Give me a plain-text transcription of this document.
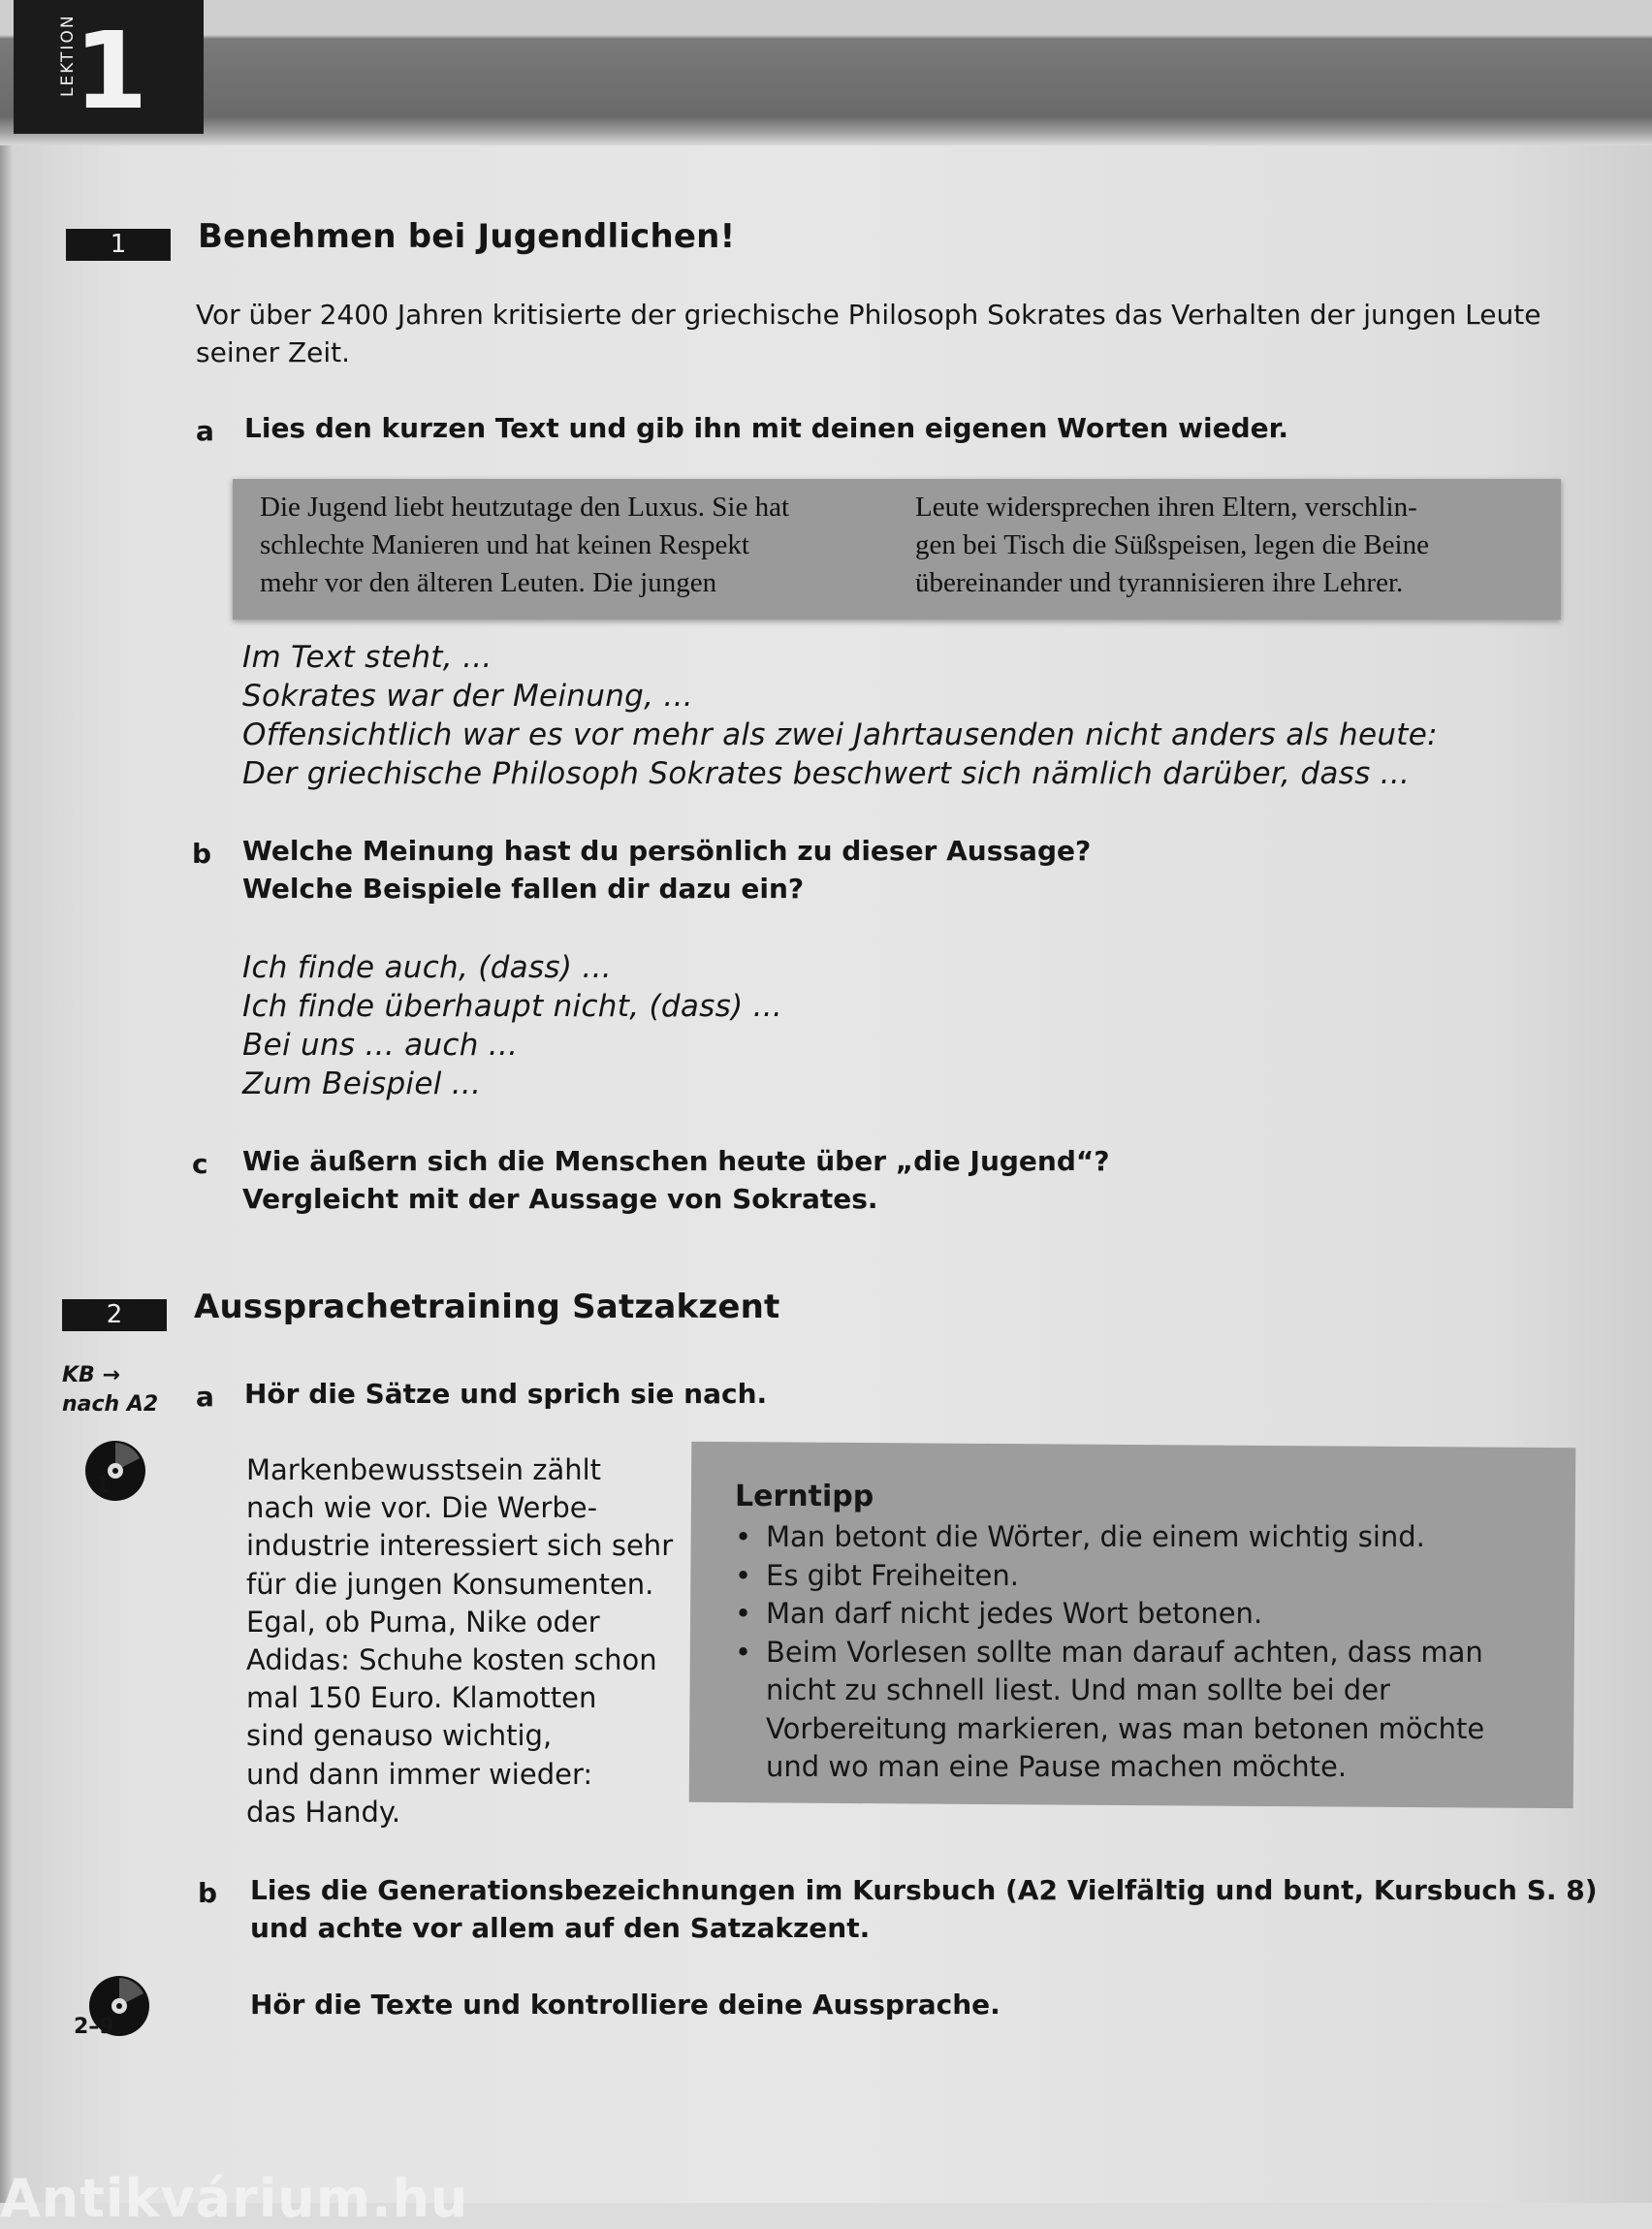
LEKTION
1
1	Benehmen bei Jugendlichen!
Vor über 2400 Jahren kritisierte der griechische Philosoph Sokrates das Verhalten der jungen Leute
seiner Zeit.
a Lies den kurzen Text und gib ihn mit deinen eigenen Worten wieder.
Die Jugend liebt heutzutage den Luxus. Sie hat
schlechte Manieren und hat keinen Respekt
mehr vor den älteren Leuten. Die jungen
Leute widersprechen ihren Eltern, verschlin-
gen bei Tisch die Süßspeisen, legen die Beine
übereinander und tyrannisieren ihre Lehrer.
Im Text steht, ...
Sokrates war der Meinung, ...
Offensichtlich war es vor mehr als zwei Jahrtausenden nicht anders als heute:
Der griechische Philosoph Sokrates beschwert sich nämlich darüber, dass ...
b Welche Meinung hast du persönlich zu dieser Aussage?
Welche Beispiele fallen dir dazu ein?
Ich finde auch, (dass) ...
Ich finde überhaupt nicht, (dass) ...
Bei uns ... auch ...
Zum Beispiel ...
c Wie äußern sich die Menschen heute über „die Jugend“?
Vergleicht mit der Aussage von Sokrates.
2	Aussprachetraining Satzakzent
KB →
nach A2
1
a Hör die Sätze und sprich sie nach.
Markenbewusstsein zählt
nach wie vor. Die Werbe-
industrie interessiert sich sehr
für die jungen Konsumenten.
Egal, ob Puma, Nike oder
Adidas: Schuhe kosten schon
mal 150 Euro. Klamotten
sind genauso wichtig,
und dann immer wieder:
das Handy.
Lerntipp
• Man betont die Wörter, die einem wichtig sind.
• Es gibt Freiheiten.
• Man darf nicht jedes Wort betonen.
• Beim Vorlesen sollte man darauf achten, dass man nicht zu schnell liest. Und man sollte bei der Vorbereitung markieren, was man betonen möchte und wo man eine Pause machen möchte.
b Lies die Generationsbezeichnungen im Kursbuch (A2 Vielfältig und bunt, Kursbuch S. 8)
und achte vor allem auf den Satzakzent.
2–9
Hör die Texte und kontrolliere deine Aussprache.
Antikvárium.hu
